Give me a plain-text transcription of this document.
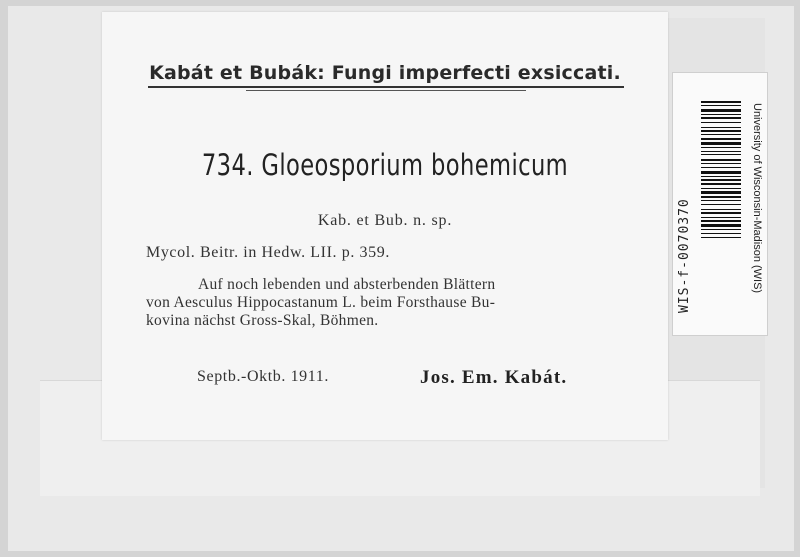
Kabát et Bubák: Fungi imperfecti exsiccati.
734. Gloeosporium bohemicum
Kab. et Bub. n. sp.
Mycol. Beitr. in Hedw. LII. p. 359.
Auf noch lebenden und absterbenden Blättern
von Aesculus Hippocastanum L. beim Forsthause Bu-
kovina nächst Gross-Skal, Böhmen.
Septb.-Oktb. 1911.	Jos. Em. Kabát.
WIS-f-0070370	University of Wisconsin-Madison (WIS)
